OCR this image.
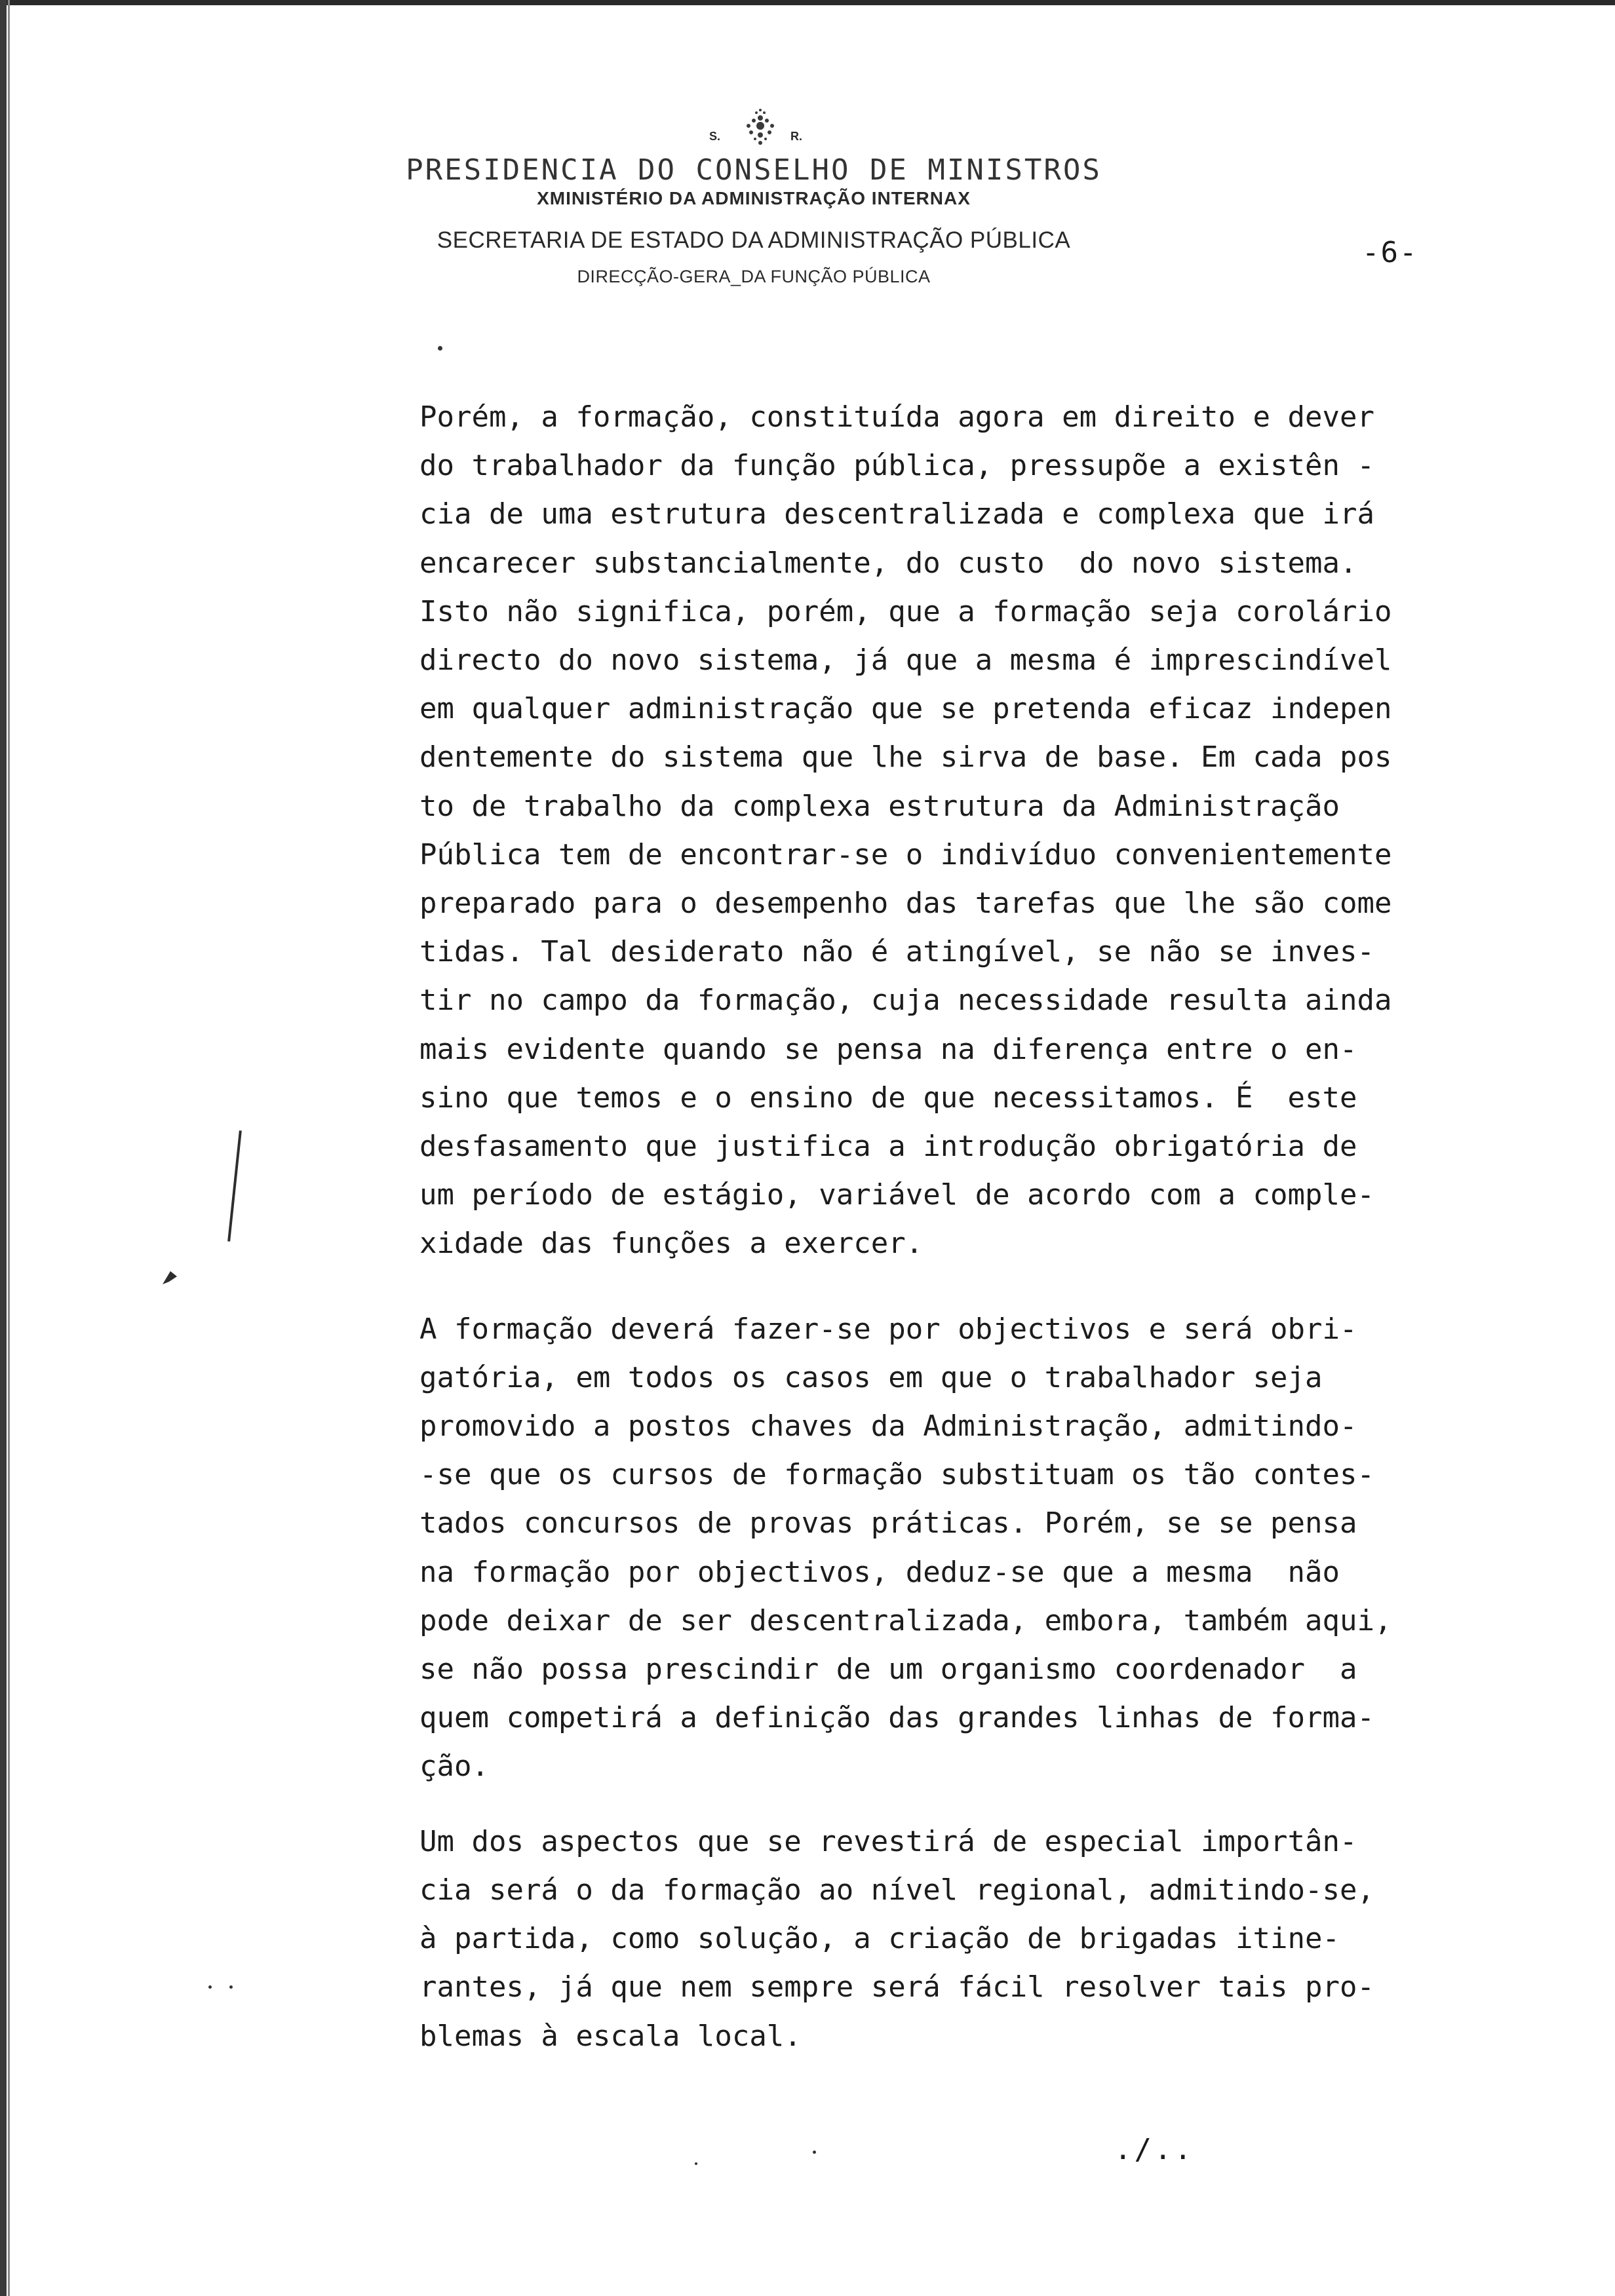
S.	R.
PRESIDENCIA DO CONSELHO DE MINISTROS
XMINISTÉRIO DA ADMINISTRAÇÃO INTERNAX
SECRETARIA DE ESTADO DA ADMINISTRAÇÃO PÚBLICA
DIRECÇÃO-GERA_DA FUNÇÃO PÚBLICA
-6-

Porém, a formação, constituída agora em direito e dever
do trabalhador da função pública, pressupõe a existên -
cia de uma estrutura descentralizada e complexa que irá
encarecer substancialmente, do custo  do novo sistema.
Isto não significa, porém, que a formação seja corolário
directo do novo sistema, já que a mesma é imprescindível
em qualquer administração que se pretenda eficaz indepen
dentemente do sistema que lhe sirva de base. Em cada pos
to de trabalho da complexa estrutura da Administração
Pública tem de encontrar-se o indivíduo convenientemente
preparado para o desempenho das tarefas que lhe são come
tidas. Tal desiderato não é atingível, se não se inves-
tir no campo da formação, cuja necessidade resulta ainda
mais evidente quando se pensa na diferença entre o en-
sino que temos e o ensino de que necessitamos. É  este
desfasamento que justifica a introdução obrigatória de
um período de estágio, variável de acordo com a comple-
xidade das funções a exercer.

A formação deverá fazer-se por objectivos e será obri-
gatória, em todos os casos em que o trabalhador seja
promovido a postos chaves da Administração, admitindo-
-se que os cursos de formação substituam os tão contes-
tados concursos de provas práticas. Porém, se se pensa
na formação por objectivos, deduz-se que a mesma  não
pode deixar de ser descentralizada, embora, também aqui,
se não possa prescindir de um organismo coordenador  a
quem competirá a definição das grandes linhas de forma-
ção.

Um dos aspectos que se revestirá de especial importân-
cia será o da formação ao nível regional, admitindo-se,
à partida, como solução, a criação de brigadas itine-
rantes, já que nem sempre será fácil resolver tais pro-
blemas à escala local.

./..
